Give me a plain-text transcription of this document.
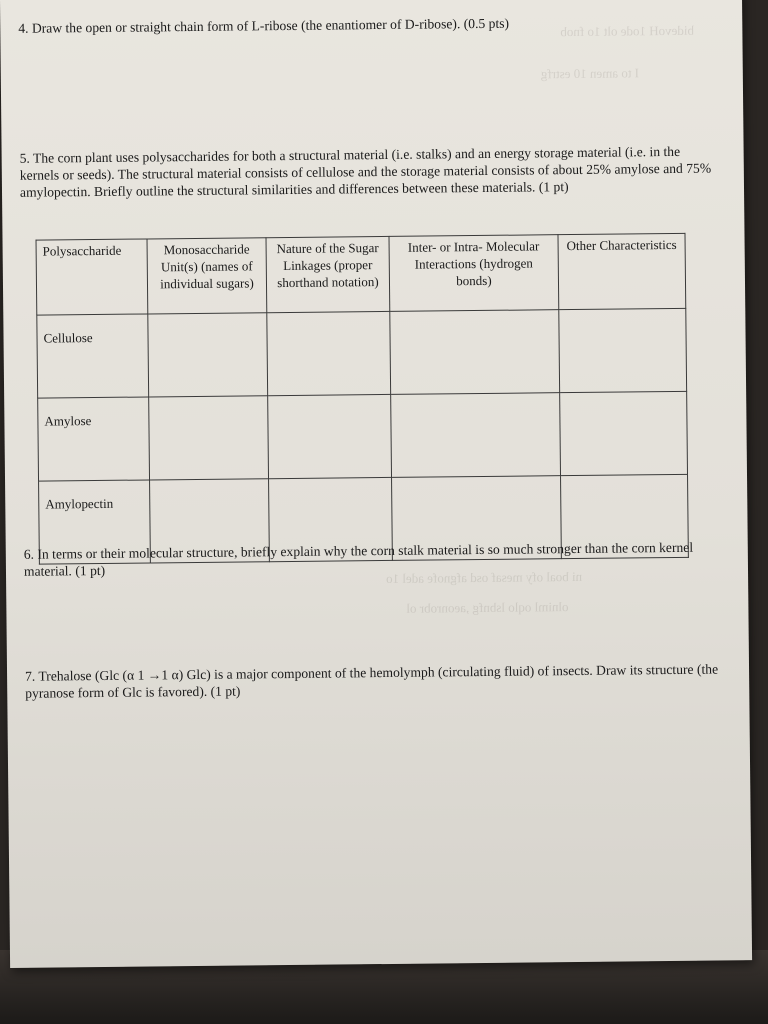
bidevoH 1ode olt 1o fnob
I to amen 10 estrfg
ni boal ofy mesaf osd afgnofe adel 1o
olniml oqlo lsbnfg ,aeonrobr ol

4. Draw the open or straight chain form of L-ribose (the enantiomer of D-ribose). (0.5 pts)

5. The corn plant uses polysaccharides for both a structural material (i.e. stalks) and an energy storage material (i.e. in the kernels or seeds). The structural material consists of cellulose and the storage material consists of about 25% amylose and 75% amylopectin. Briefly outline the structural similarities and differences between these materials. (1 pt)

Polysaccharide	Monosaccharide Unit(s) (names of individual sugars)	Nature of the Sugar Linkages (proper shorthand notation)	Inter- or Intra- Molecular Interactions (hydrogen bonds)	Other Characteristics
Cellulose				
Amylose				
Amylopectin				

6. In terms or their molecular structure, briefly explain why the corn stalk material is so much stronger than the corn kernel material. (1 pt)

7. Trehalose (Glc (α 1 →1 α) Glc) is a major component of the hemolymph (circulating fluid) of insects. Draw its structure (the pyranose form of Glc is favored). (1 pt)
